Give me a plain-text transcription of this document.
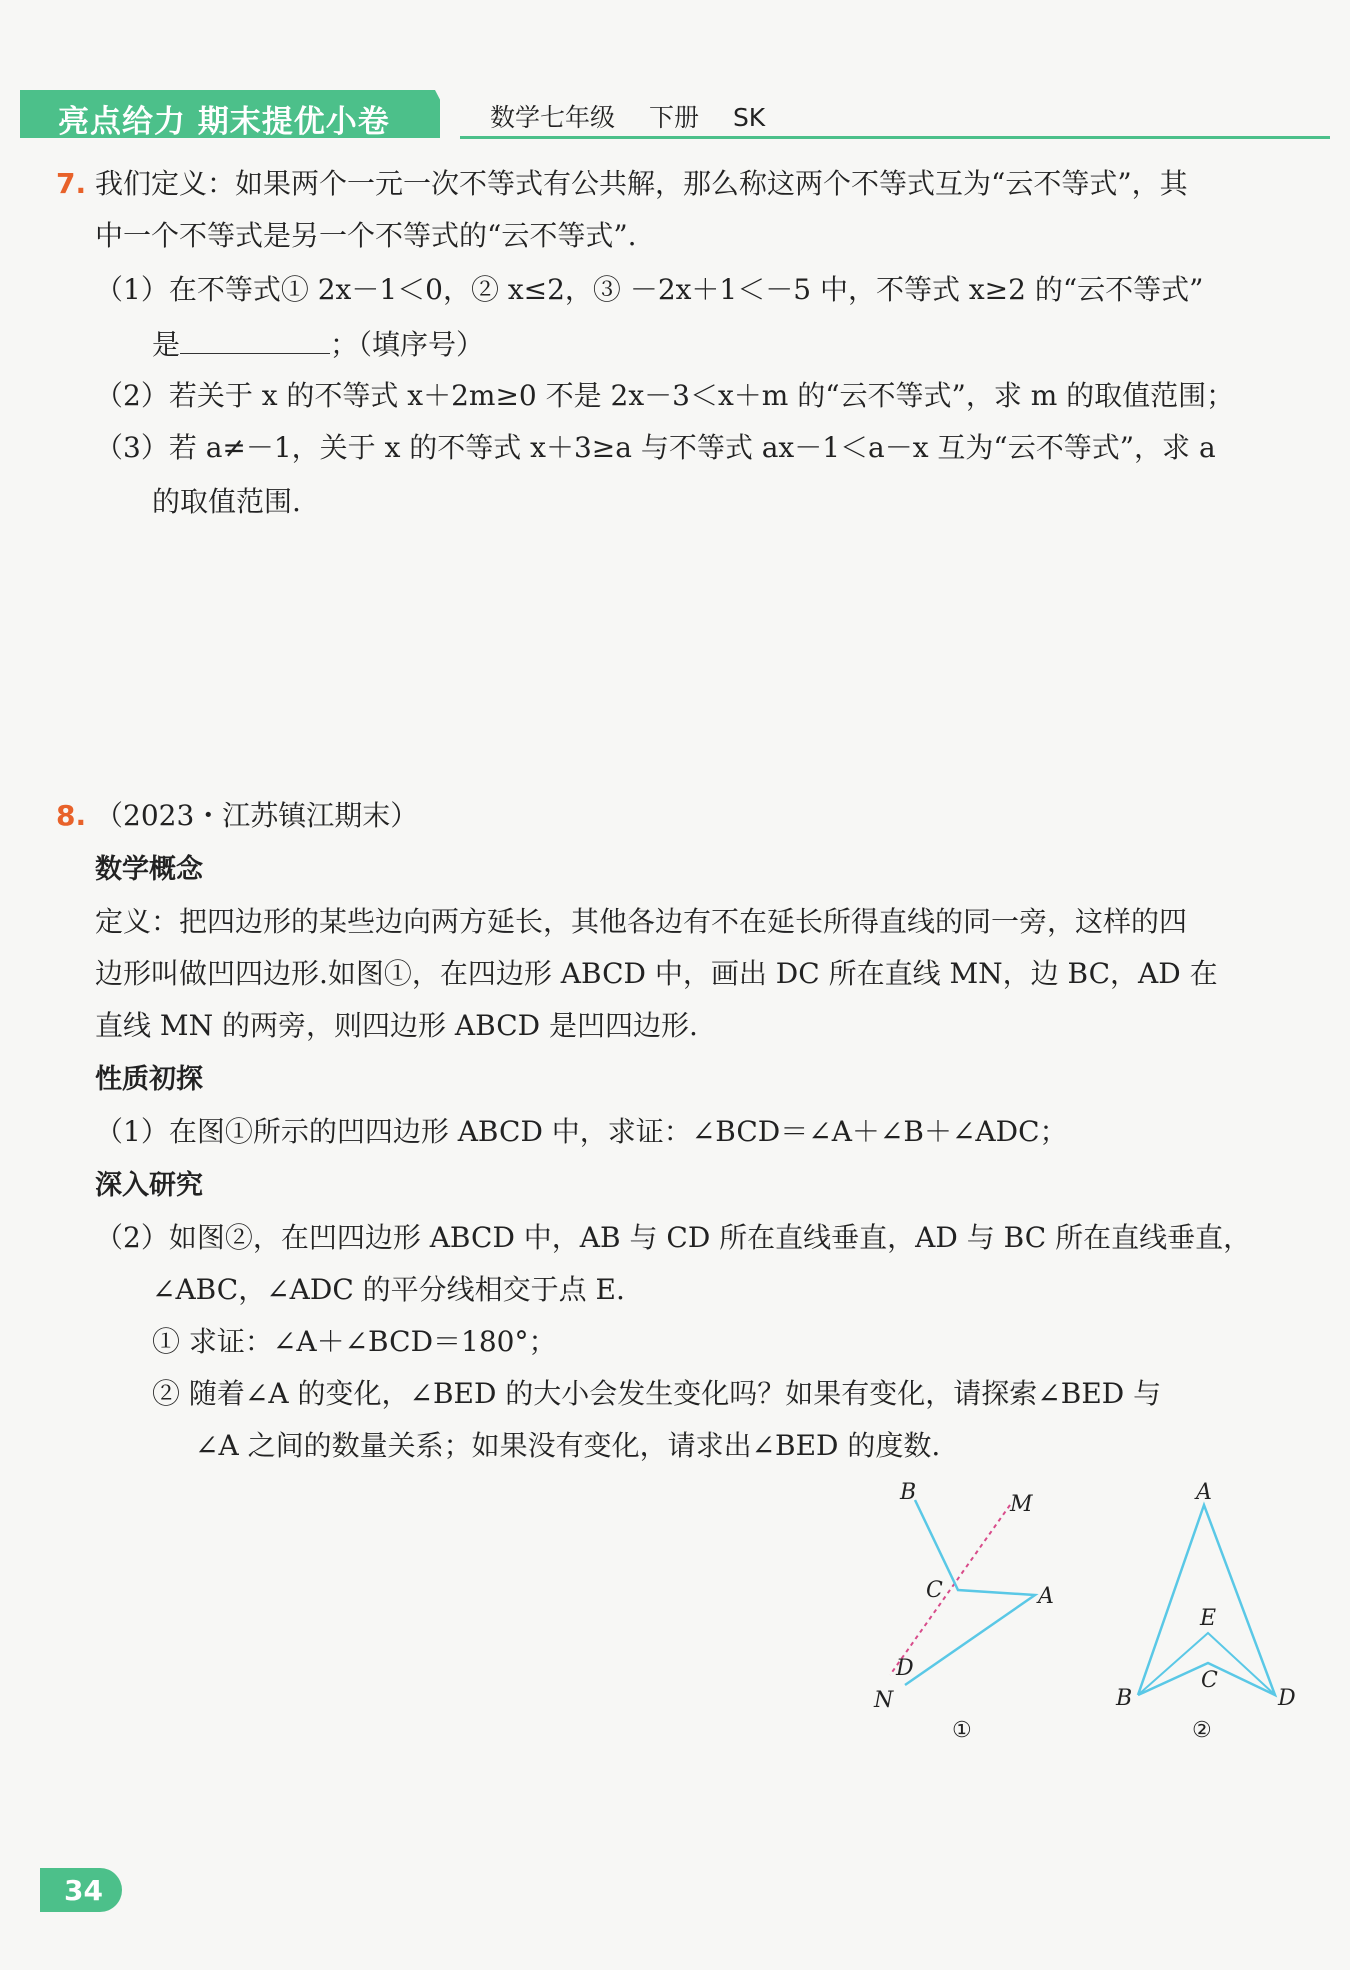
亮点给力 期末提优小卷	数学七年级 下册 SK
7. 我们定义：如果两个一元一次不等式有公共解，那么称这两个不等式互为“云不等式”，其
中一个不等式是另一个不等式的“云不等式”.
（1）在不等式① 2x－1＜0，② x≤2，③ －2x＋1＜－5 中，不等式 x≥2 的“云不等式”
是	；（填序号）
（2）若关于 x 的不等式 x＋2m≥0 不是 2x－3＜x＋m 的“云不等式”，求 m 的取值范围；
（3）若 a≠－1，关于 x 的不等式 x＋3≥a 与不等式 ax－1＜a－x 互为“云不等式”，求 a
的取值范围.
8. （2023・江苏镇江期末）
数学概念
定义：把四边形的某些边向两方延长，其他各边有不在延长所得直线的同一旁，这样的四
边形叫做凹四边形.如图①，在四边形 ABCD 中，画出 DC 所在直线 MN，边 BC，AD 在
直线 MN 的两旁，则四边形 ABCD 是凹四边形.
性质初探
（1）在图①所示的凹四边形 ABCD 中，求证：∠BCD＝∠A＋∠B＋∠ADC；
深入研究
（2）如图②，在凹四边形 ABCD 中，AB 与 CD 所在直线垂直，AD 与 BC 所在直线垂直，
∠ABC，∠ADC 的平分线相交于点 E.
① 求证：∠A＋∠BCD＝180°；
② 随着∠A 的变化，∠BED 的大小会发生变化吗？如果有变化，请探索∠BED 与
∠A 之间的数量关系；如果没有变化，请求出∠BED 的度数.
B	M
C	A
D
N
①
A
E
C
B	D
②
34
